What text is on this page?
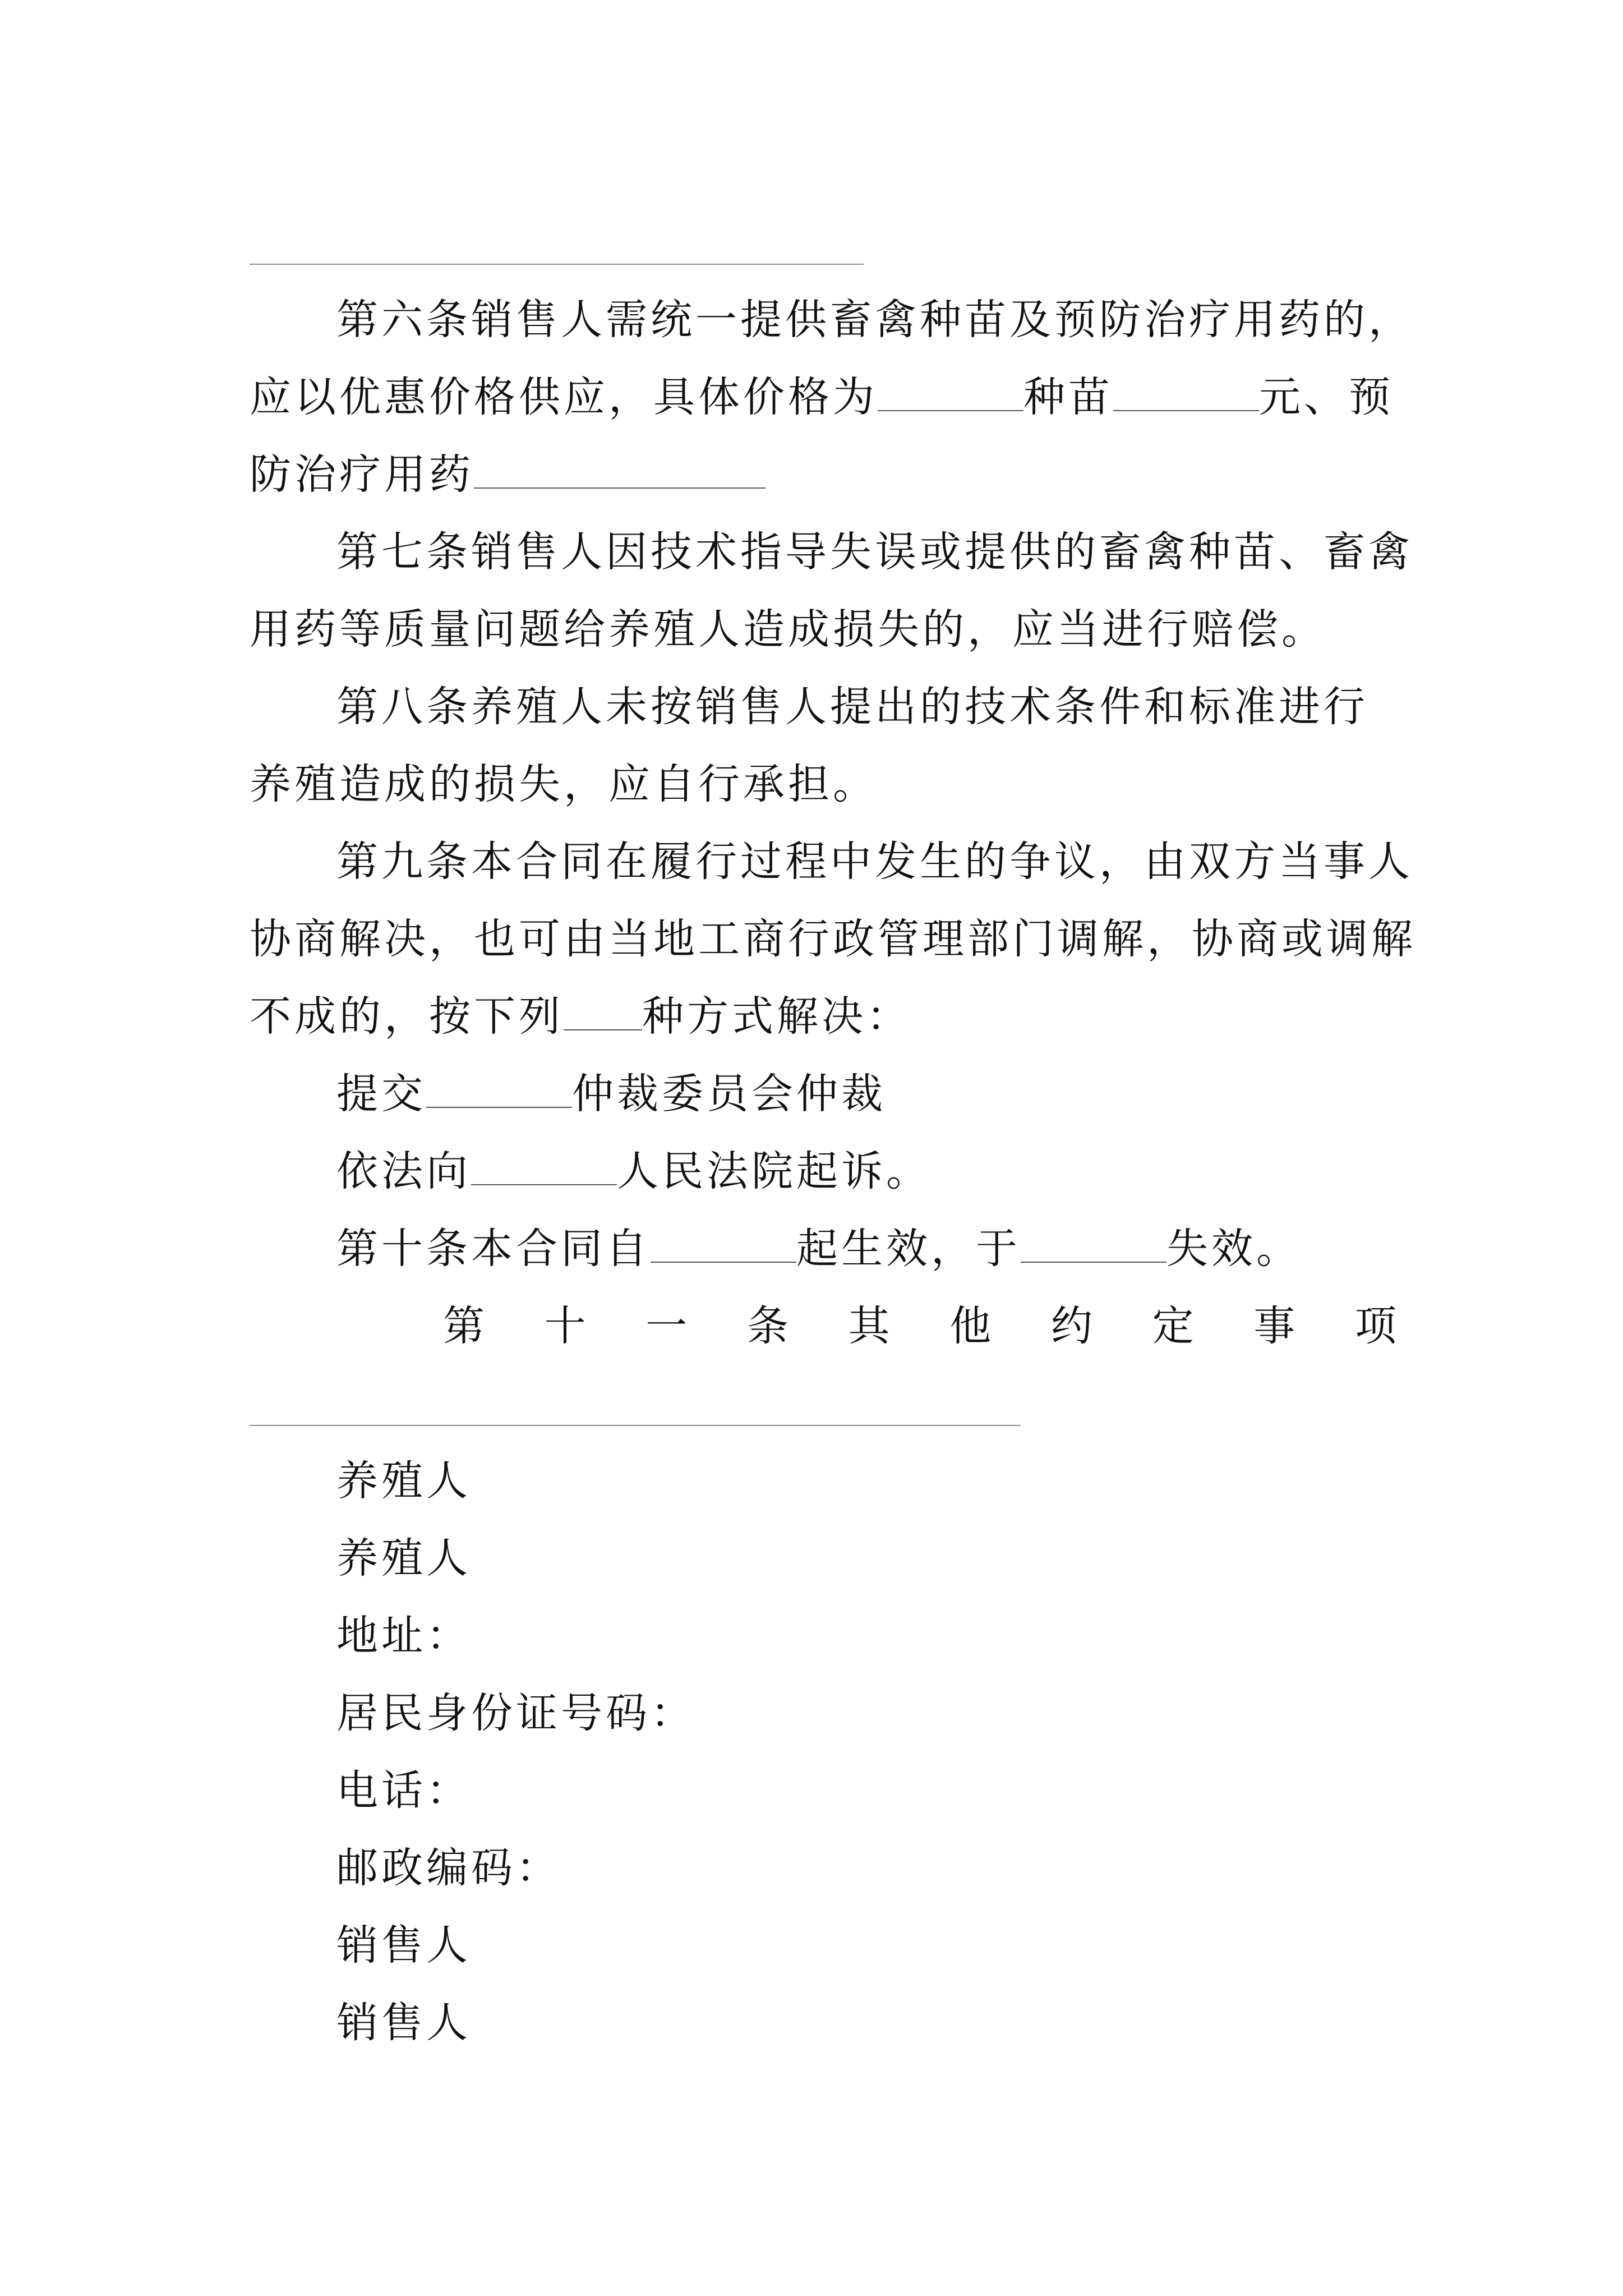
第六条销售人需统一提供畜禽种苗及预防治疗用药的，
应以优惠价格供应，具体价格为	种苗	元、预
防治疗用药
第七条销售人因技术指导失误或提供的畜禽种苗、畜禽
用药等质量问题给养殖人造成损失的，应当进行赔偿。
第八条养殖人未按销售人提出的技术条件和标准进行
养殖造成的损失，应自行承担。
第九条本合同在履行过程中发生的争议，由双方当事人
协商解决，也可由当地工商行政管理部门调解，协商或调解
不成的，按下列 种方式解决：
提交	仲裁委员会仲裁
依法向	人民法院起诉。
第十条本合同自	起生效，于	失效。
第 十 一 条 其 他 约 定 事 项
养殖人
养殖人
地址：
居民身份证号码：
电话：
邮政编码：
销售人
销售人
